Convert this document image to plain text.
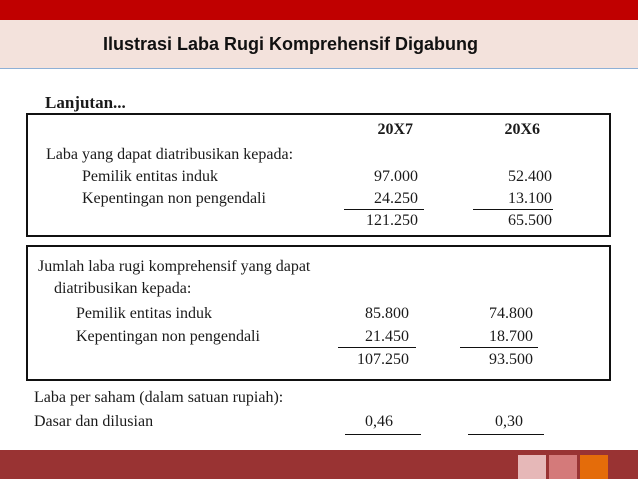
Ilustrasi Laba Rugi Komprehensif Digabung
Lanjutan...
20X7	20X6
Laba yang dapat diatribusikan kepada:
Pemilik entitas induk	97.000	52.400
Kepentingan non pengendali	24.250	13.100
121.250	65.500
Jumlah laba rugi komprehensif yang dapat
diatribusikan kepada:
Pemilik entitas induk	85.800	74.800
Kepentingan non pengendali	21.450	18.700
107.250	93.500
Laba per saham (dalam satuan rupiah):
Dasar dan dilusian	0,46	0,30
